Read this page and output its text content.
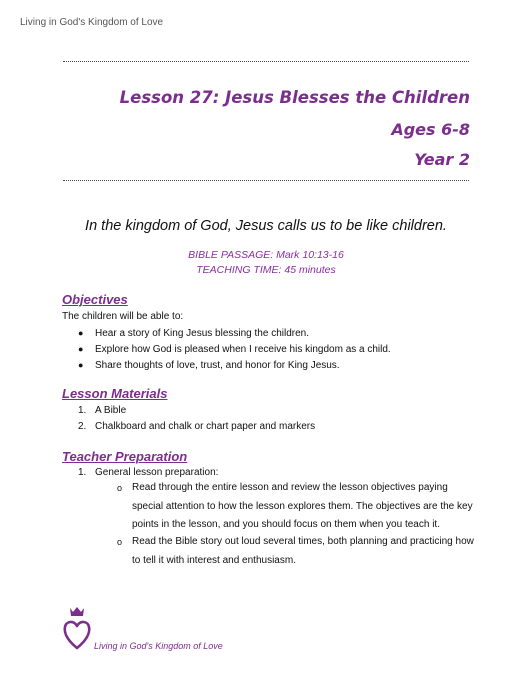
Living in God's Kingdom of Love
Lesson 27: Jesus Blesses the Children
Ages 6-8
Year 2
In the kingdom of God, Jesus calls us to be like children.
BIBLE PASSAGE: Mark 10:13-16
TEACHING TIME: 45 minutes
Objectives
The children will be able to:
●	Hear a story of King Jesus blessing the children.
●	Explore how God is pleased when I receive his kingdom as a child.
●	Share thoughts of love, trust, and honor for King Jesus.
Lesson Materials
1. A Bible
2. Chalkboard and chalk or chart paper and markers
Teacher Preparation
1. General lesson preparation:
o Read through the entire lesson and review the lesson objectives paying special attention to how the lesson explores them. The objectives are the key points in the lesson, and you should focus on them when you teach it.
o Read the Bible story out loud several times, both planning and practicing how to tell it with interest and enthusiasm.
Living in God's Kingdom of Love
